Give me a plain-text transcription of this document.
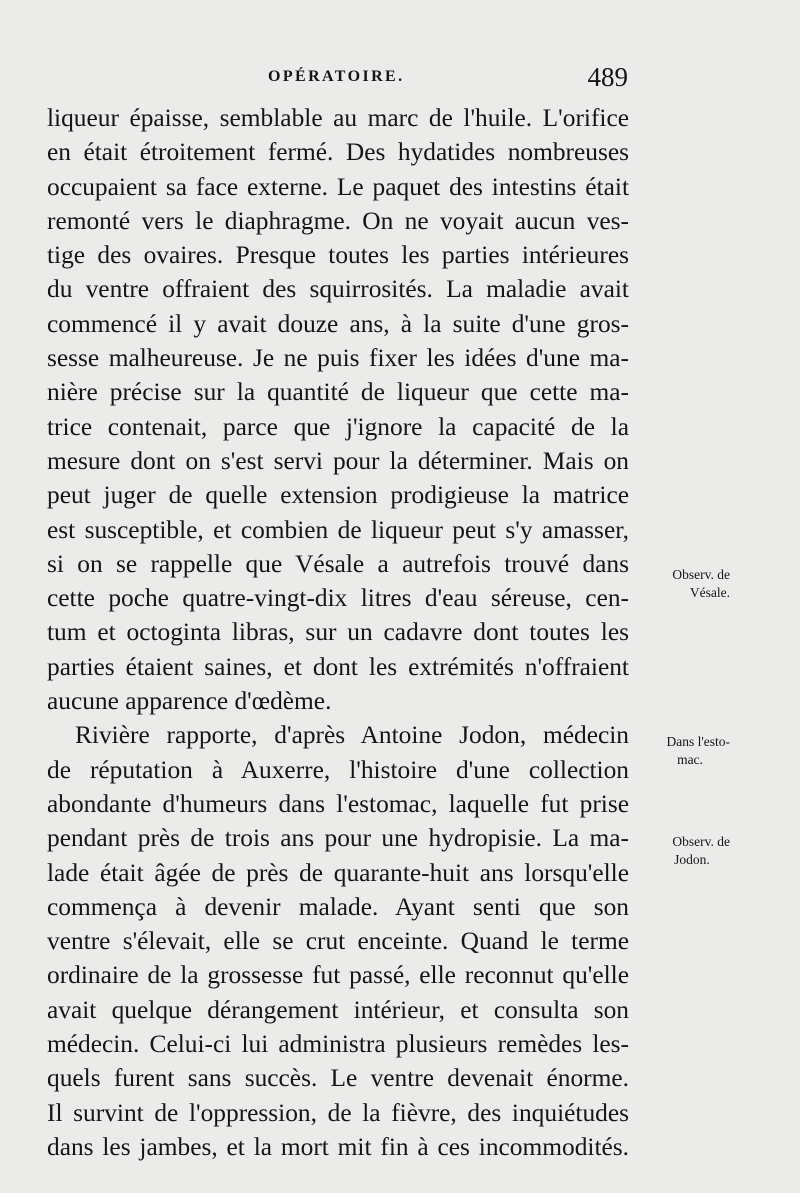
OPÉRATOIRE.	489
liqueur épaisse, semblable au marc de l'huile. L'orifice
en était étroitement fermé. Des hydatides nombreuses
occupaient sa face externe. Le paquet des intestins était
remonté vers le diaphragme. On ne voyait aucun ves-
tige des ovaires. Presque toutes les parties intérieures
du ventre offraient des squirrosités. La maladie avait
commencé il y avait douze ans, à la suite d'une gros-
sesse malheureuse. Je ne puis fixer les idées d'une ma-
nière précise sur la quantité de liqueur que cette ma-
trice contenait, parce que j'ignore la capacité de la
mesure dont on s'est servi pour la déterminer. Mais on
peut juger de quelle extension prodigieuse la matrice
est susceptible, et combien de liqueur peut s'y amasser,
si on se rappelle que Vésale a autrefois trouvé dans
cette poche quatre-vingt-dix litres d'eau séreuse, cen-
tum et octoginta libras, sur un cadavre dont toutes les
parties étaient saines, et dont les extrémités n'offraient
aucune apparence d'œdème.
Rivière rapporte, d'après Antoine Jodon, médecin
de réputation à Auxerre, l'histoire d'une collection
abondante d'humeurs dans l'estomac, laquelle fut prise
pendant près de trois ans pour une hydropisie. La ma-
lade était âgée de près de quarante-huit ans lorsqu'elle
commença à devenir malade. Ayant senti que son
ventre s'élevait, elle se crut enceinte. Quand le terme
ordinaire de la grossesse fut passé, elle reconnut qu'elle
avait quelque dérangement intérieur, et consulta son
médecin. Celui-ci lui administra plusieurs remèdes les-
quels furent sans succès. Le ventre devenait énorme.
Il survint de l'oppression, de la fièvre, des inquiétudes
dans les jambes, et la mort mit fin à ces incommodités.
Observ. de
Vésale.
Dans l'esto-
mac.
Observ. de
Jodon.
